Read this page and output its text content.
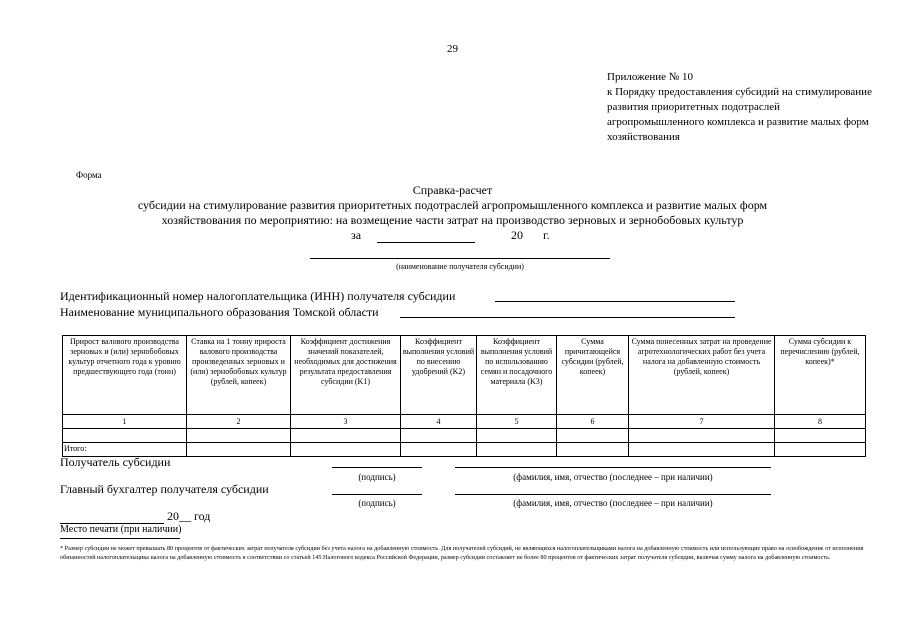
29
Приложение № 10
к Порядку предоставления субсидий на стимулирование развития приоритетных подотраслей агропромышленного комплекса и развитие малых форм хозяйствования
Форма
Справка-расчет
субсидии на стимулирование развития приоритетных подотраслей агропромышленного комплекса и развитие малых форм
хозяйствования по мероприятию: на возмещение части затрат на производство зерновых и зернобобовых культур
за	20 г.
(наименование получателя субсидии)
Идентификационный номер налогоплательщика (ИНН) получателя субсидии
Наименование муниципального образования Томской области
Прирост валового производства зерновых и (или) зернобобовых культур отчетного года к уровню предшествующего года (тонн)	Ставка на 1 тонну прироста валового производства произведенных зерновых и (или) зернобобовых культур (рублей, копеек)	Коэффициент достижения значений показателей, необходимых для достижения результата предоставления субсидии (K1)	Коэффициент выполнения условий по внесению удобрений (K2)	Коэффициент выполнения условий по использованию семян и посадочного материала (K3)	Сумма причитающейся субсидии (рублей, копеек)	Сумма понесенных затрат на проведение агротехнологических работ без учета налога на добавленную стоимость (рублей, копеек)	Сумма субсидии к перечислению (рублей, копеек)*
1	2	3	4	5	6	7	8

Итого:							
Получатель субсидии
(подпись)	(фамилия, имя, отчество (последнее – при наличии)
Главный бухгалтер получателя субсидии
(подпись)	(фамилия, имя, отчество (последнее – при наличии)
20__ год
Место печати (при наличии)
* Размер субсидии не может превышать 80 процентов от фактических затрат получателя субсидии без учета налога на добавленную стоимость. Для получателей субсидий, не являющихся налогоплательщиками налога на добавленную стоимость или использующие право на освобождение от исполнения обязанностей налогоплательщика налога на добавленную стоимость в соответствии со статьей 145 Налогового кодекса Российской Федерации, размер субсидии составляет не более 80 процентов от фактических затрат получателя субсидии, включая сумму налога на добавленную стоимость.
